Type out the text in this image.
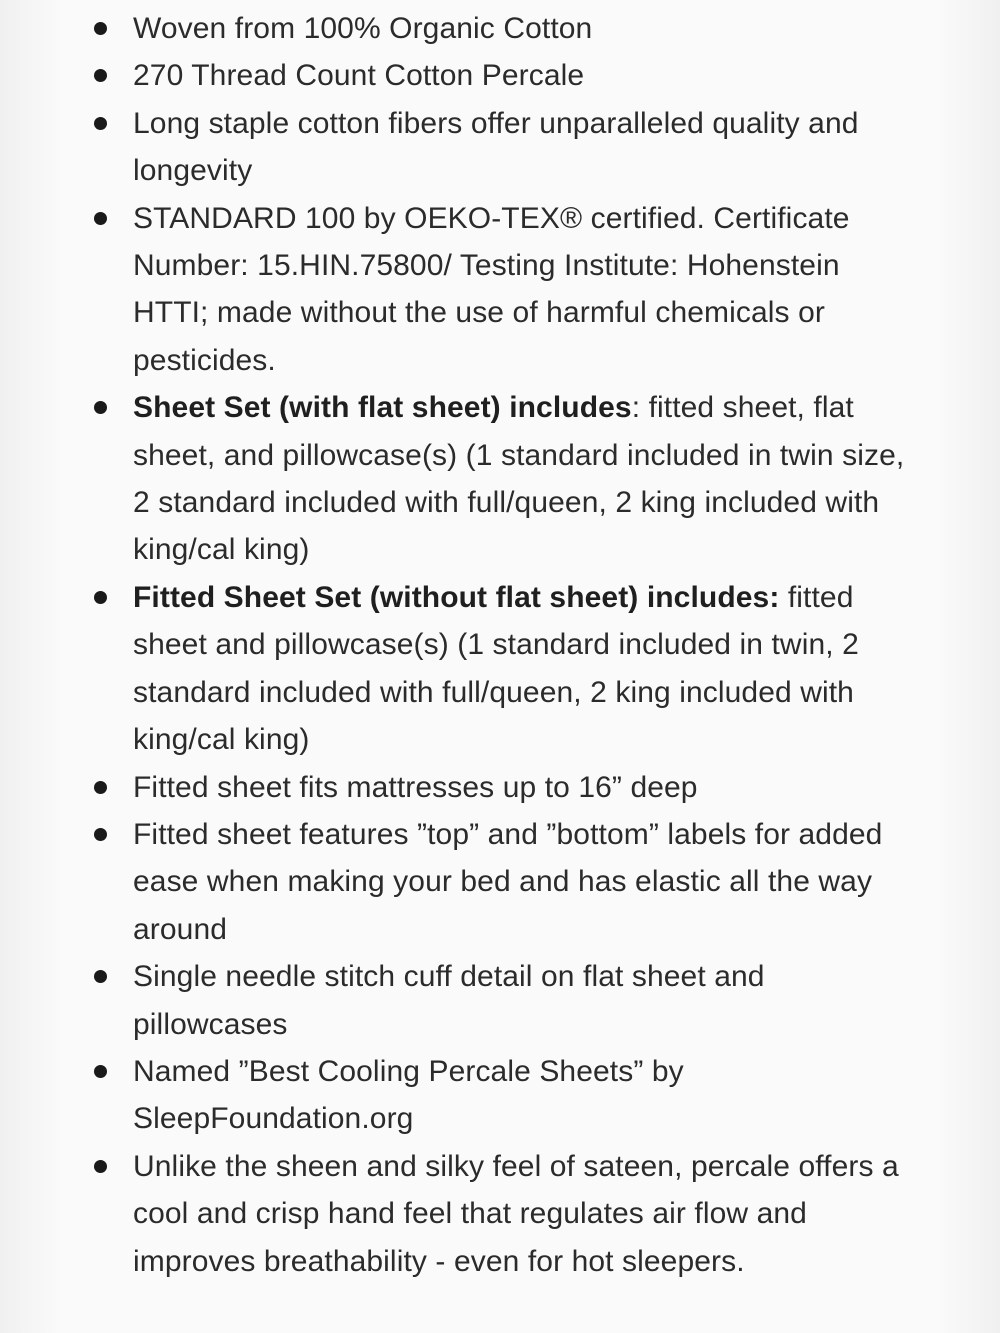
Woven from 100% Organic Cotton
270 Thread Count Cotton Percale
Long staple cotton fibers offer unparalleled quality and longevity
STANDARD 100 by OEKO-TEX® certified. Certificate Number: 15.HIN.75800/ Testing Institute: Hohenstein HTTI; made without the use of harmful chemicals or pesticides.
Sheet Set (with flat sheet) includes: fitted sheet, flat sheet, and pillowcase(s) (1 standard included in twin size, 2 standard included with full/queen, 2 king included with king/cal king)
Fitted Sheet Set (without flat sheet) includes: fitted sheet and pillowcase(s) (1 standard included in twin, 2 standard included with full/queen, 2 king included with king/cal king)
Fitted sheet fits mattresses up to 16” deep
Fitted sheet features ”top” and ”bottom” labels for added ease when making your bed and has elastic all the way around
Single needle stitch cuff detail on flat sheet and pillowcases
Named ”Best Cooling Percale Sheets” by SleepFoundation.org
Unlike the sheen and silky feel of sateen, percale offers a cool and crisp hand feel that regulates air flow and improves breathability - even for hot sleepers.
